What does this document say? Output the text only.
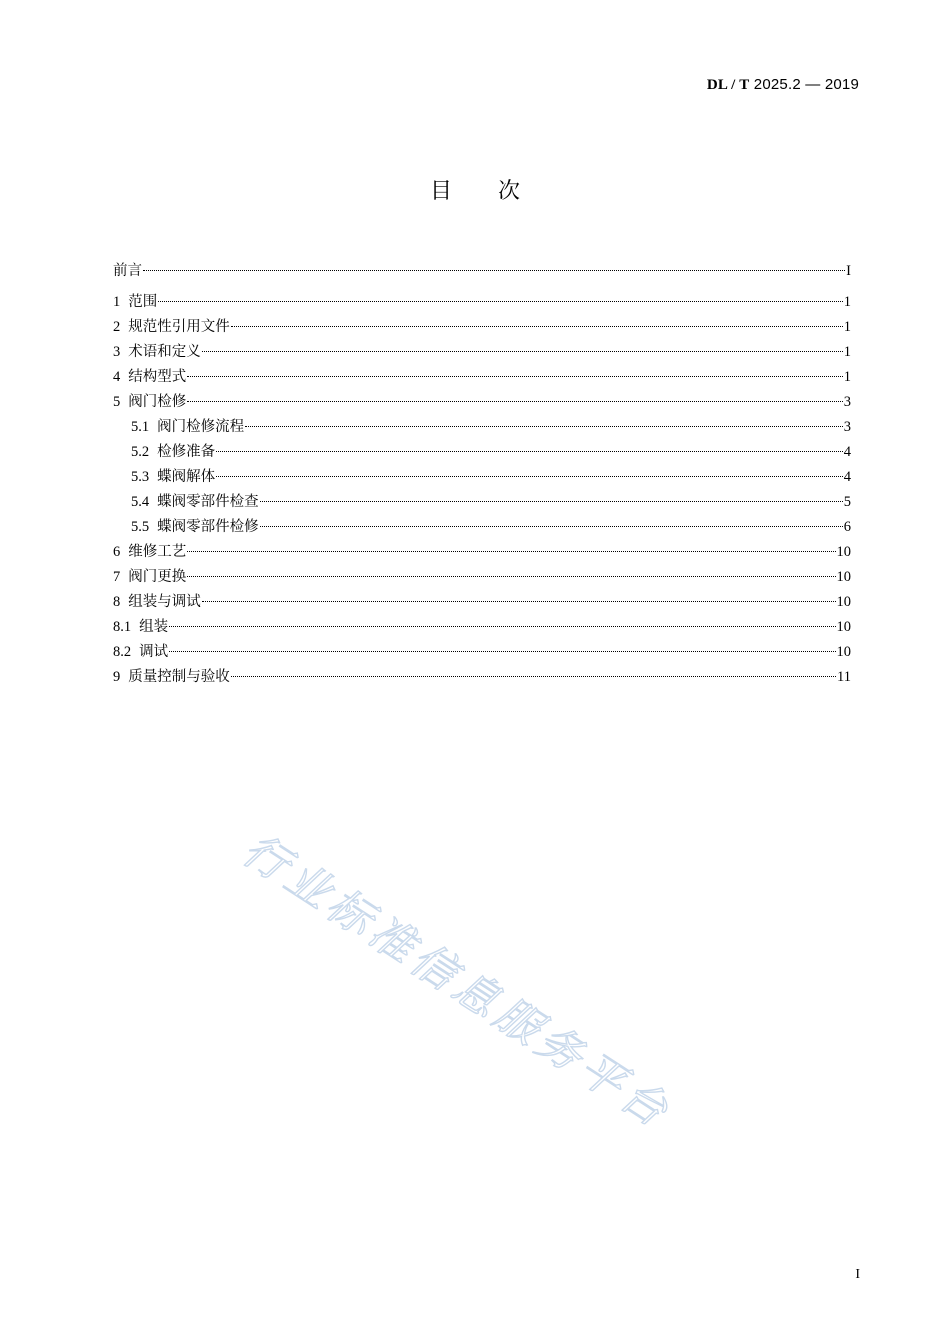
DL / T 2025.2 — 2019
目次
前言	I
1 范围	1
2 规范性引用文件	1
3 术语和定义	1
4 结构型式	1
5 阀门检修	3
5.1 阀门检修流程	3
5.2 检修准备	4
5.3 蝶阀解体	4
5.4 蝶阀零部件检查	5
5.5 蝶阀零部件检修	6
6 维修工艺	10
7 阀门更换	10
8 组装与调试	10
8.1 组装	10
8.2 调试	10
9 质量控制与验收	11
行业标准信息服务平台
I
